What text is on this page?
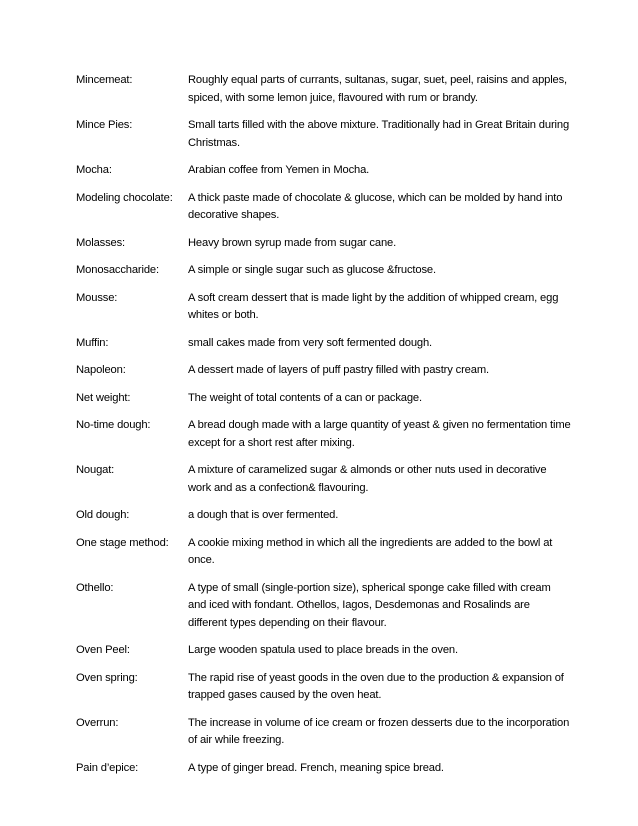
Mincemeat:	Roughly equal parts of currants, sultanas, sugar, suet, peel, raisins and apples, spiced, with some lemon juice, flavoured with rum or brandy.
Mince Pies:	Small tarts filled with the above mixture. Traditionally had in Great Britain during Christmas.
Mocha:	Arabian coffee from Yemen in Mocha.
Modeling chocolate:	A thick paste made of chocolate & glucose, which can be molded by hand into decorative shapes.
Molasses:	Heavy brown syrup made from sugar cane.
Monosaccharide:	A simple or single sugar such as glucose &fructose.
Mousse:	A soft cream dessert that is made light by the addition of whipped cream, egg whites or both.
Muffin:	small cakes made from very soft fermented dough.
Napoleon:	A dessert made of layers of puff pastry filled with pastry cream.
Net weight:	The weight of total contents of a can or package.
No-time dough:	A bread dough made with a large quantity of yeast & given no fermentation time except for a short rest after mixing.
Nougat:	A mixture of caramelized sugar & almonds or other nuts used in decorative work and as a confection& flavouring.
Old dough:	a dough that is over fermented.
One stage method:	A cookie mixing method in which all the ingredients are added to the bowl at once.
Othello:	A type of small (single-portion size), spherical sponge cake filled with cream and iced with fondant. Othellos, Iagos, Desdemonas and Rosalinds are different types depending on their flavour.
Oven Peel:	Large wooden spatula used to place breads in the oven.
Oven spring:	The rapid rise of yeast goods in the oven due to the production & expansion of trapped gases caused by the oven heat.
Overrun:	The increase in volume of ice cream or frozen desserts due to the incorporation of air while freezing.
Pain d’epice:	A type of ginger bread. French, meaning spice bread.
